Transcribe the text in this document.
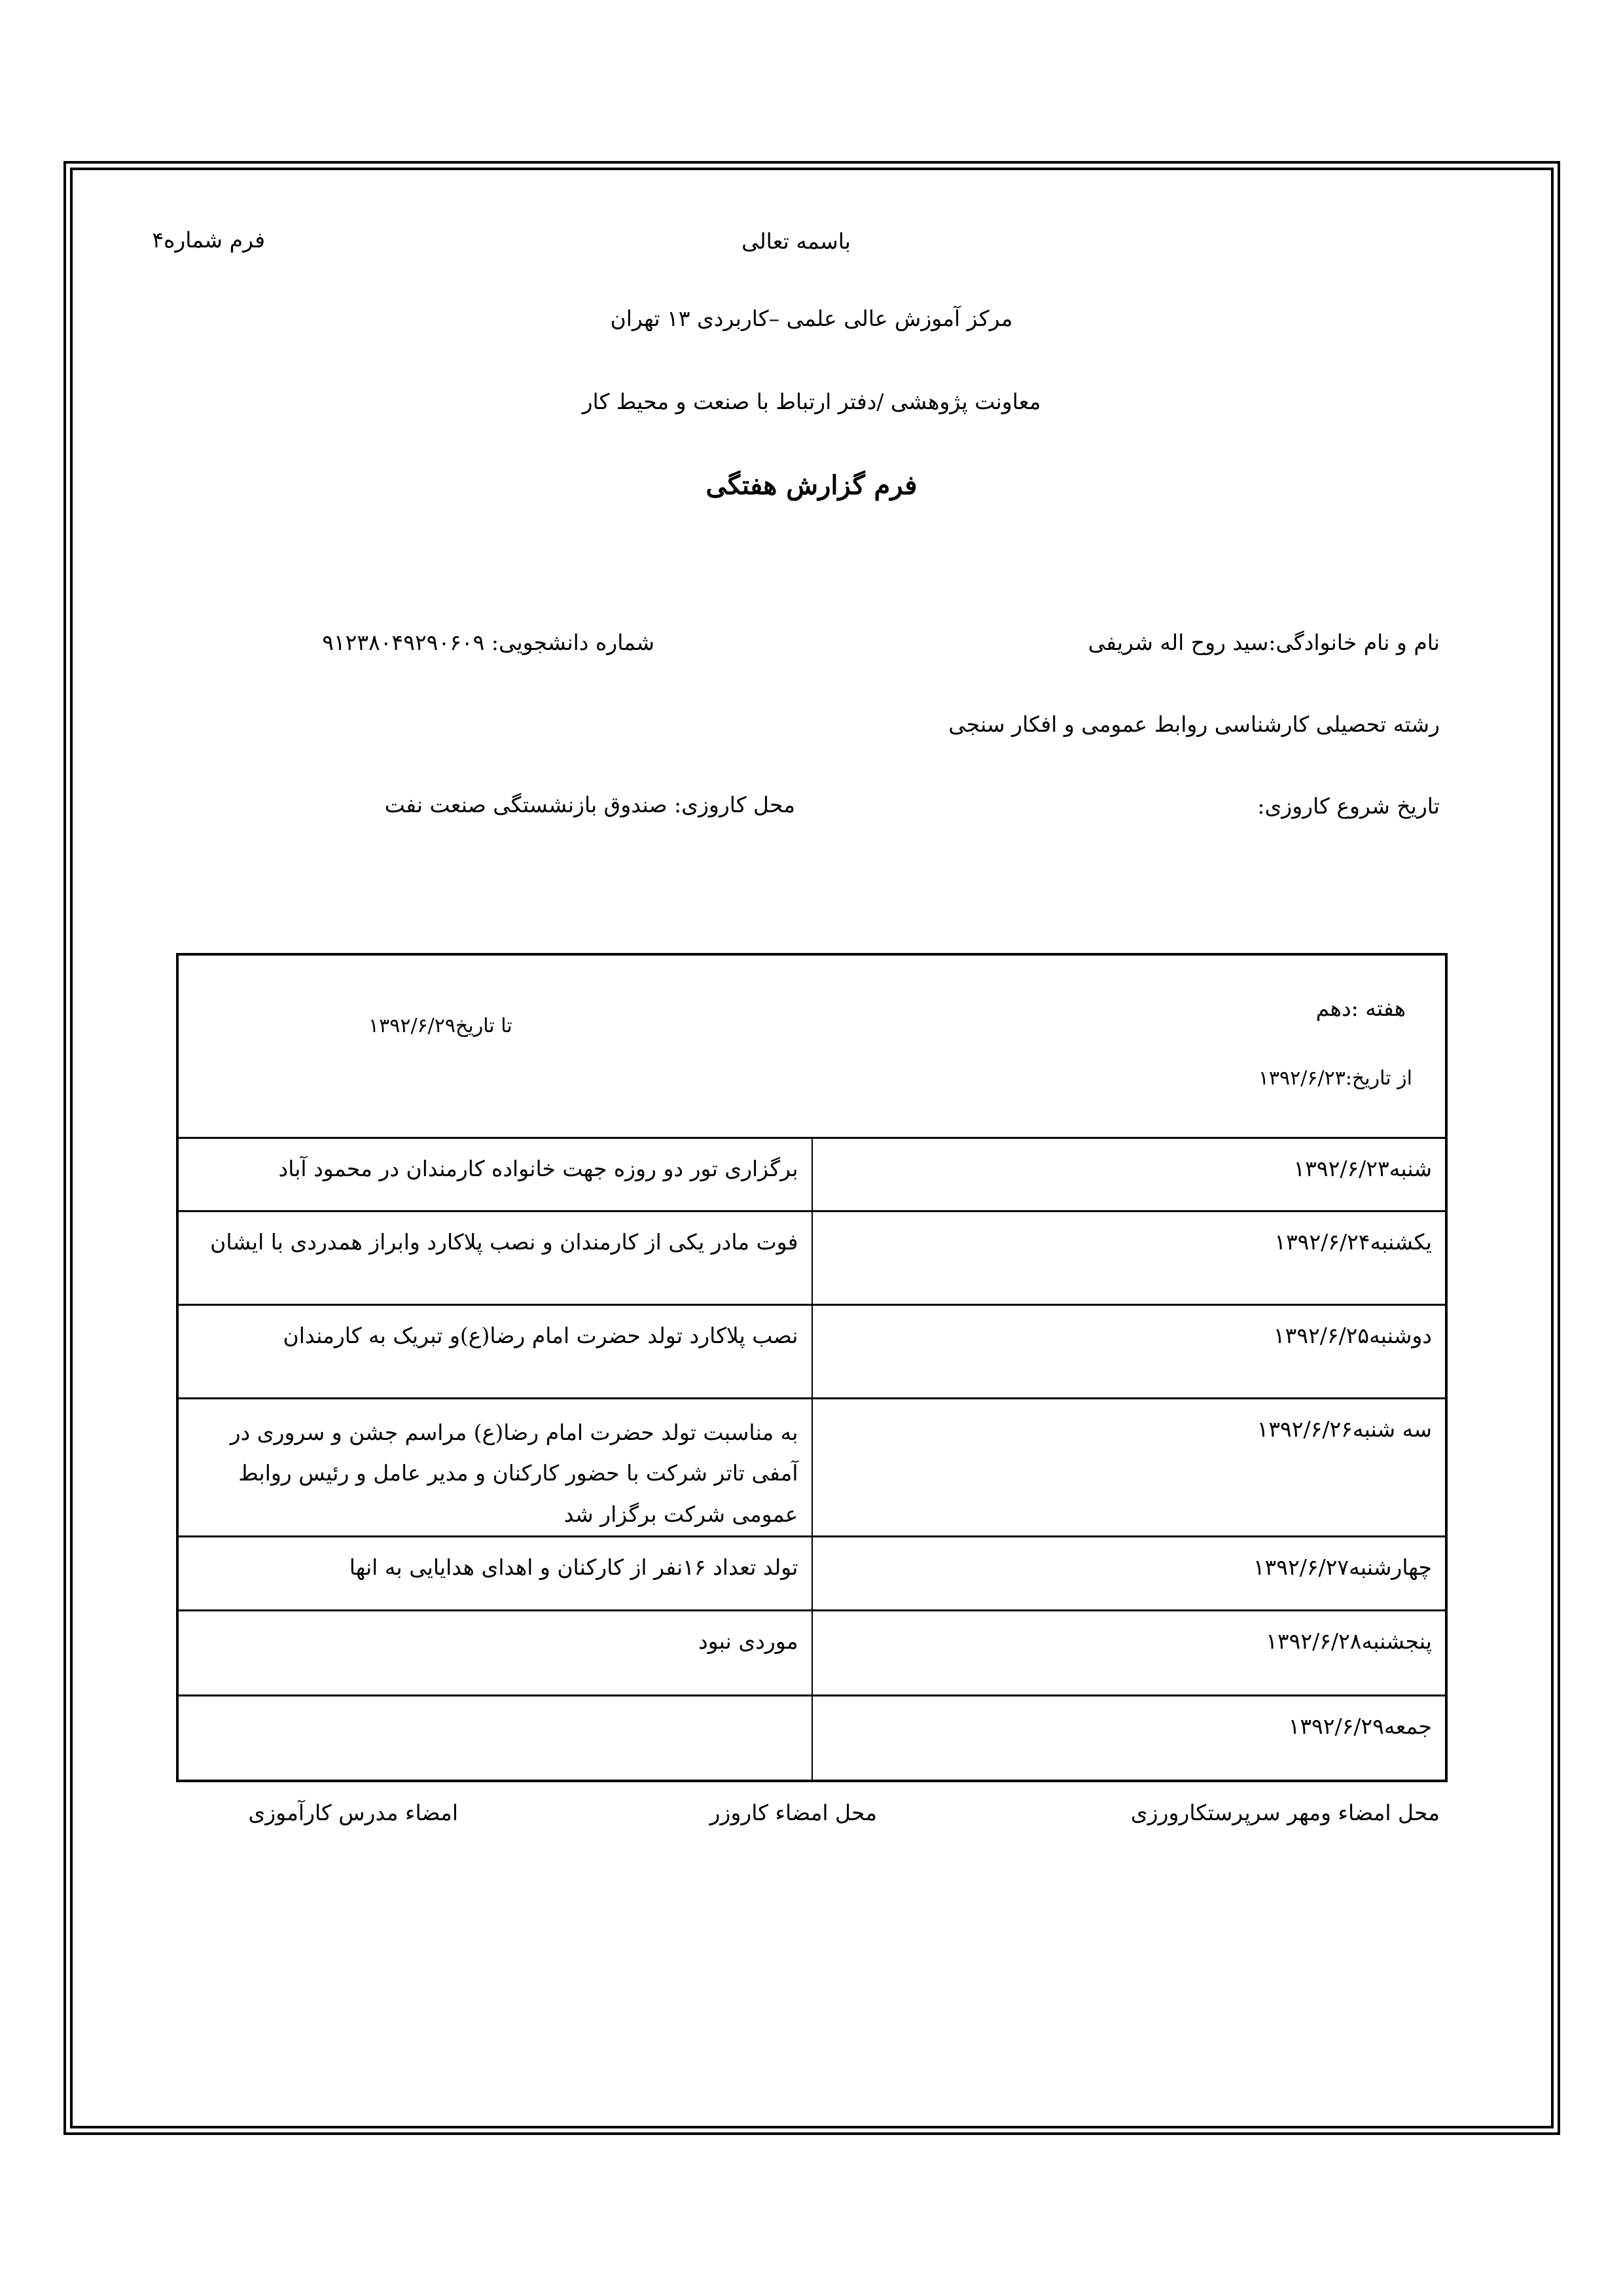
باسمه تعالی
فرم شماره۴
مرکز آموزش عالی علمی –کاربردی ۱۳ تهران
معاونت پژوهشی /دفتر ارتباط با صنعت و محیط کار
فرم گزارش هفتگی
نام و نام خانوادگی:سید روح اله شریفی
شماره دانشجویی: ۹۱۲۳۸۰۴۹۲۹۰۶۰۹
رشته تحصیلی کارشناسی روابط عمومی و افکار سنجی
تاریخ شروع کاروزی:
محل کاروزی: صندوق بازنشستگی صنعت نفت
هفته :دهم
از تاریخ:۱۳۹۲/۶/۲۳
تا تاریخ۱۳۹۲/۶/۲۹	

شنبه۱۳۹۲/۶/۲۳	برگزاری تور دو روزه جهت خانواده کارمندان در محمود آباد
یکشنبه۱۳۹۲/۶/۲۴	فوت مادر یکی از کارمندان و نصب پلاکارد وابراز همدردی با ایشان
دوشنبه۱۳۹۲/۶/۲۵	نصب پلاکارد تولد حضرت امام رضا(ع)و تبریک به کارمندان
سه شنبه۱۳۹۲/۶/۲۶	به مناسبت تولد حضرت امام رضا(ع) مراسم جشن و سروری در آمفی تاتر شرکت با حضور کارکنان و مدیر عامل و رئیس روابط عمومی شرکت برگزار شد
چهارشنبه۱۳۹۲/۶/۲۷	تولد تعداد ۱۶نفر از کارکنان و اهدای هدایایی به انها
پنجشنبه۱۳۹۲/۶/۲۸	موردی نبود
جمعه۱۳۹۲/۶/۲۹	
محل امضاء ومهر سرپرستکارورزی
محل امضاء کاروزر
امضاء مدرس کارآموزی
